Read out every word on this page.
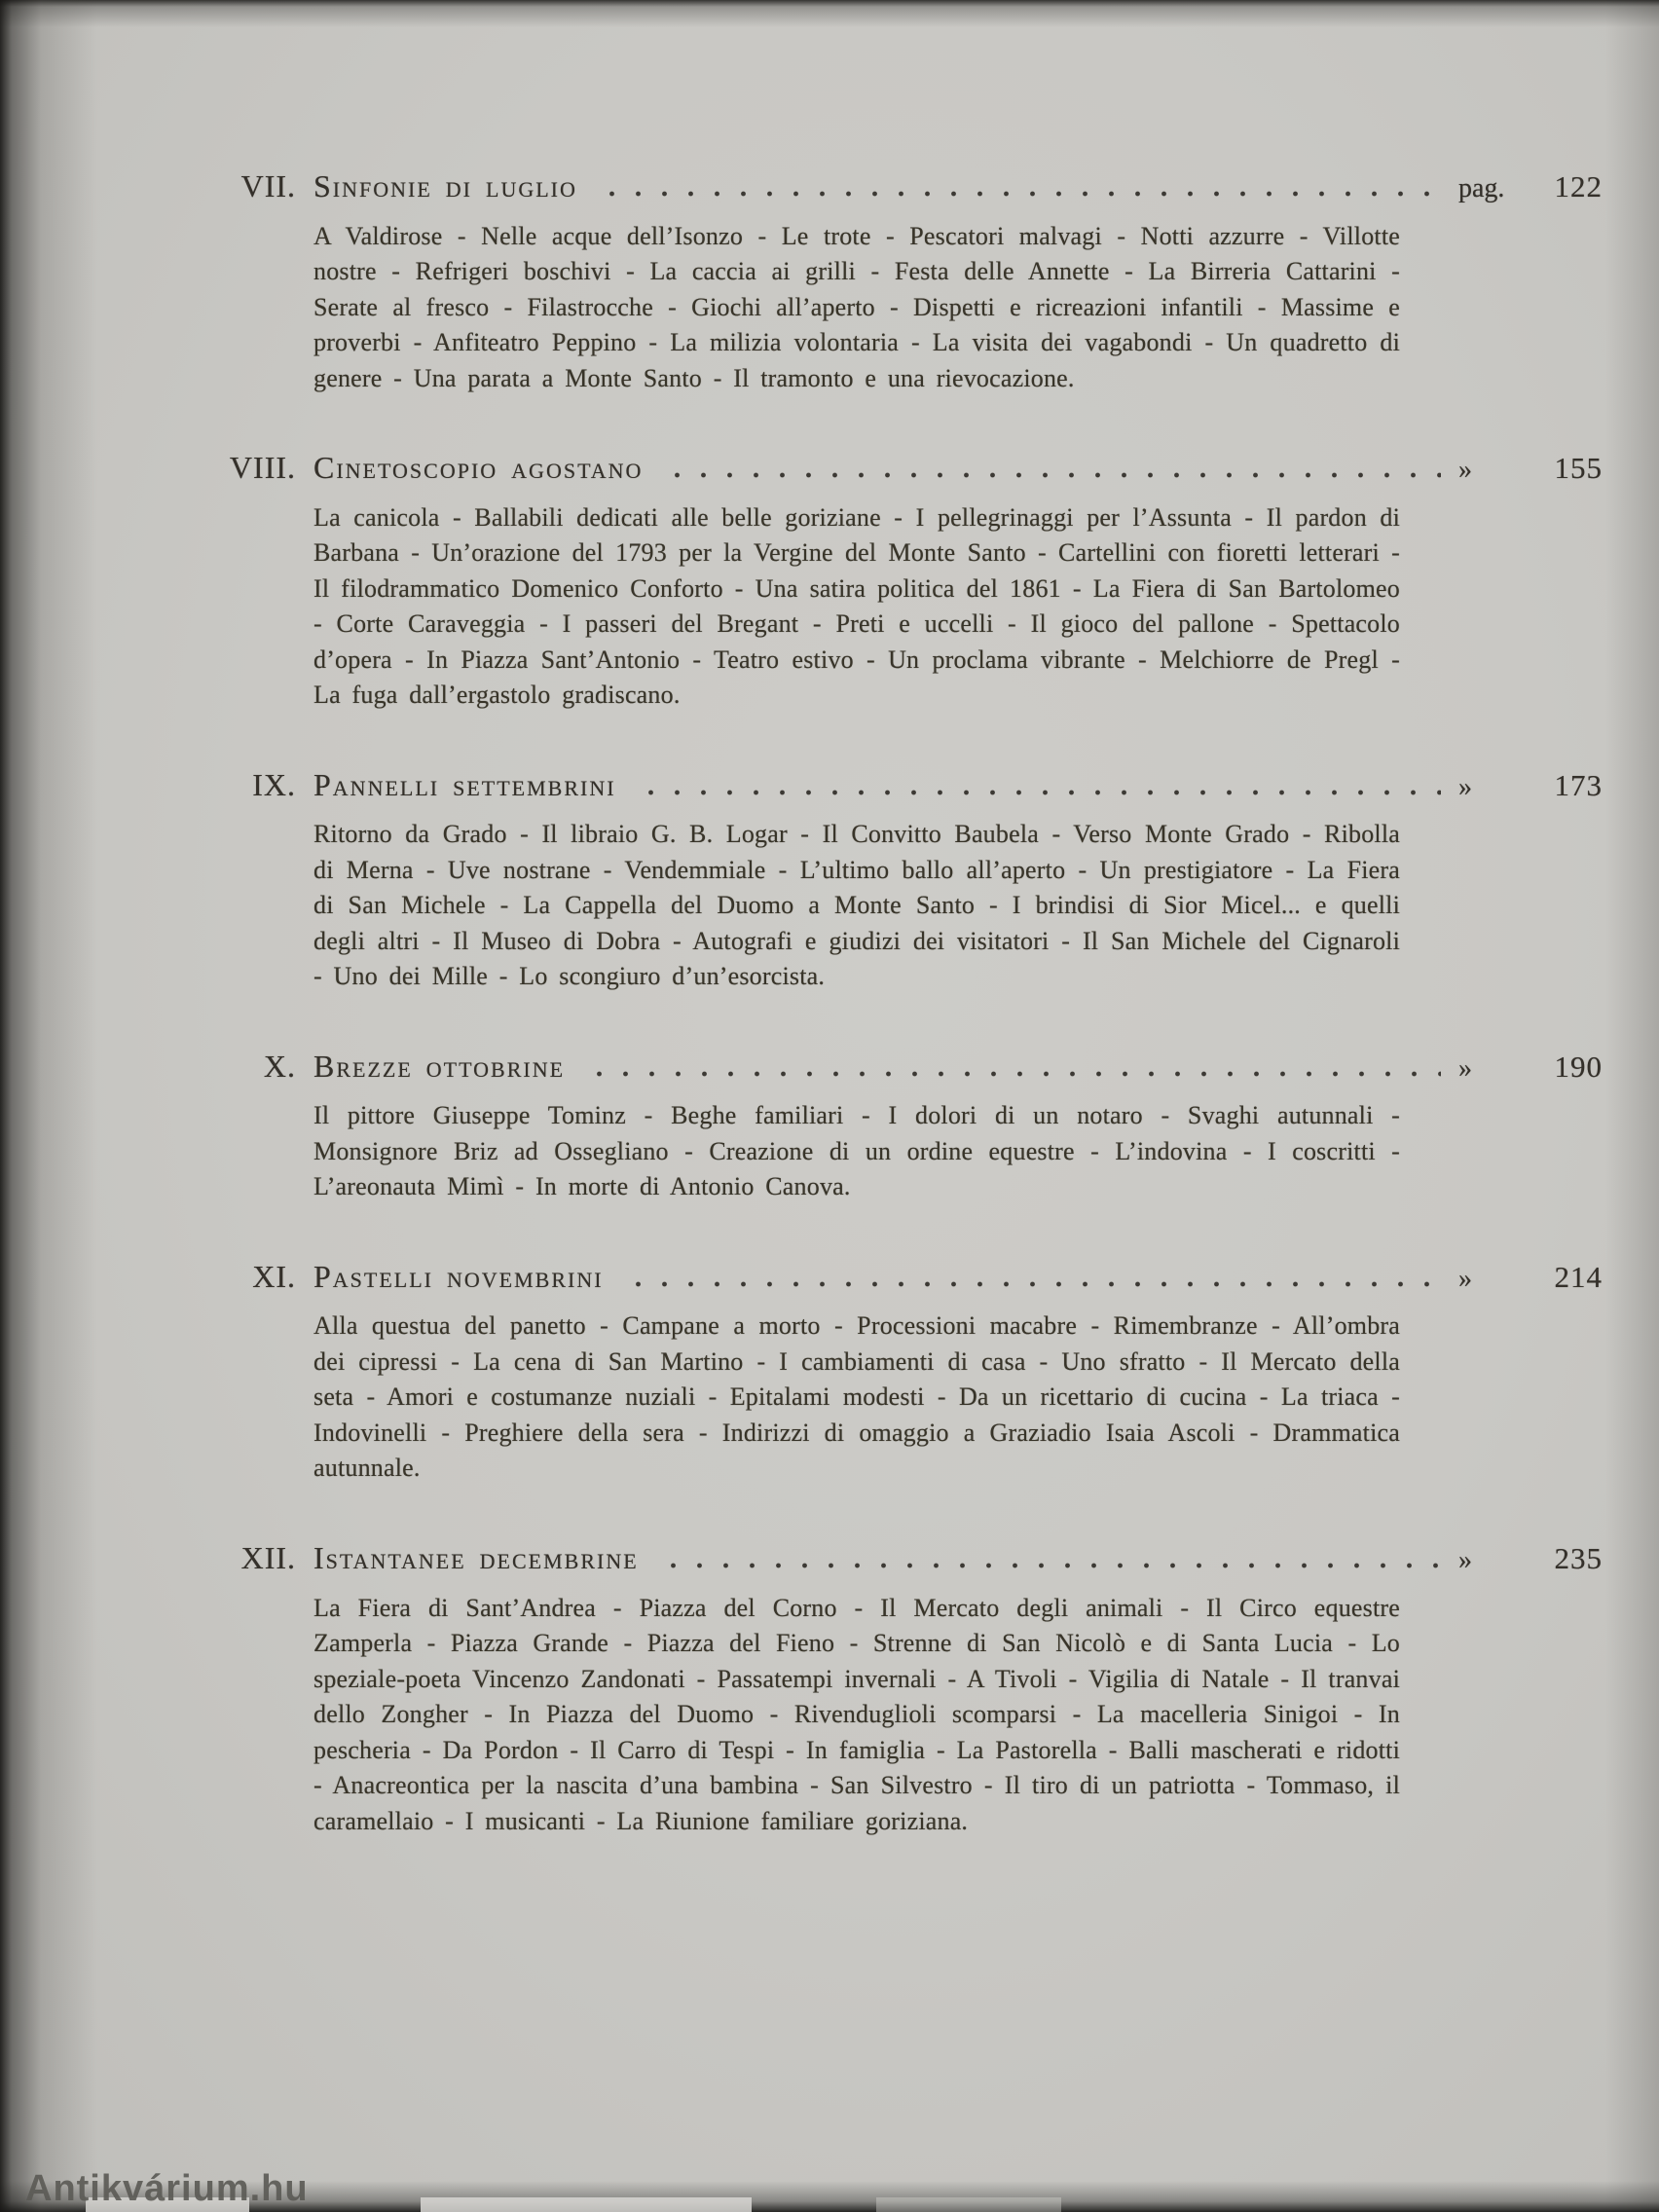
VII. Sinfonie di luglio	pag.	122

A Valdirose - Nelle acque dell’Isonzo - Le trote - Pescatori malvagi - Notti azzurre - Villotte nostre - Refrigeri boschivi - La caccia ai grilli - Festa delle Annette - La Birreria Cattarini - Serate al fresco - Filastrocche - Giochi all’aperto - Dispetti e ricreazioni infantili - Massime e proverbi - Anfiteatro Peppino - La milizia volontaria - La visita dei vagabondi - Un quadretto di genere - Una parata a Monte Santo - Il tramonto e una rievocazione.

VIII. Cinetoscopio agostano	»	155

La canicola - Ballabili dedicati alle belle goriziane - I pellegrinaggi per l’Assunta - Il pardon di Barbana - Un’orazione del 1793 per la Vergine del Monte Santo - Cartellini con fioretti letterari - Il filodrammatico Domenico Conforto - Una satira politica del 1861 - La Fiera di San Bartolomeo - Corte Caraveggia - I passeri del Bregant - Preti e uccelli - Il gioco del pallone - Spettacolo d’opera - In Piazza Sant’Antonio - Teatro estivo - Un proclama vibrante - Melchiorre de Pregl - La fuga dall’ergastolo gradiscano.

IX. Pannelli settembrini	»	173

Ritorno da Grado - Il libraio G. B. Logar - Il Convitto Baubela - Verso Monte Grado - Ribolla di Merna - Uve nostrane - Vendemmiale - L’ultimo ballo all’aperto - Un prestigiatore - La Fiera di San Michele - La Cappella del Duomo a Monte Santo - I brindisi di Sior Micel... e quelli degli altri - Il Museo di Dobra - Autografi e giudizi dei visitatori - Il San Michele del Cignaroli - Uno dei Mille - Lo scongiuro d’un’esorcista.

X. Brezze ottobrine	»	190

Il pittore Giuseppe Tominz - Beghe familiari - I dolori di un notaro - Svaghi autunnali - Monsignore Briz ad Ossegliano - Creazione di un ordine equestre - L’indovina - I coscritti - L’areonauta Mimì - In morte di Antonio Canova.

XI. Pastelli novembrini	»	214

Alla questua del panetto - Campane a morto - Processioni macabre - Rimembranze - All’ombra dei cipressi - La cena di San Martino - I cambiamenti di casa - Uno sfratto - Il Mercato della seta - Amori e costumanze nuziali - Epitalami modesti - Da un ricettario di cucina - La triaca - Indovinelli - Preghiere della sera - Indirizzi di omaggio a Graziadio Isaia Ascoli - Drammatica autunnale.

XII. Istantanee decembrine	»	235

La Fiera di Sant’Andrea - Piazza del Corno - Il Mercato degli animali - Il Circo equestre Zamperla - Piazza Grande - Piazza del Fieno - Strenne di San Nicolò e di Santa Lucia - Lo speziale-poeta Vincenzo Zandonati - Passatempi invernali - A Tivoli - Vigilia di Natale - Il tranvai dello Zongher - In Piazza del Duomo - Rivenduglioli scomparsi - La macelleria Sinigoi - In pescheria - Da Pordon - Il Carro di Tespi - In famiglia - La Pastorella - Balli mascherati e ridotti - Anacreontica per la nascita d’una bambina - San Silvestro - Il tiro di un patriotta - Tommaso, il caramellaio - I musicanti - La Riunione familiare goriziana.

Antikvárium.hu
